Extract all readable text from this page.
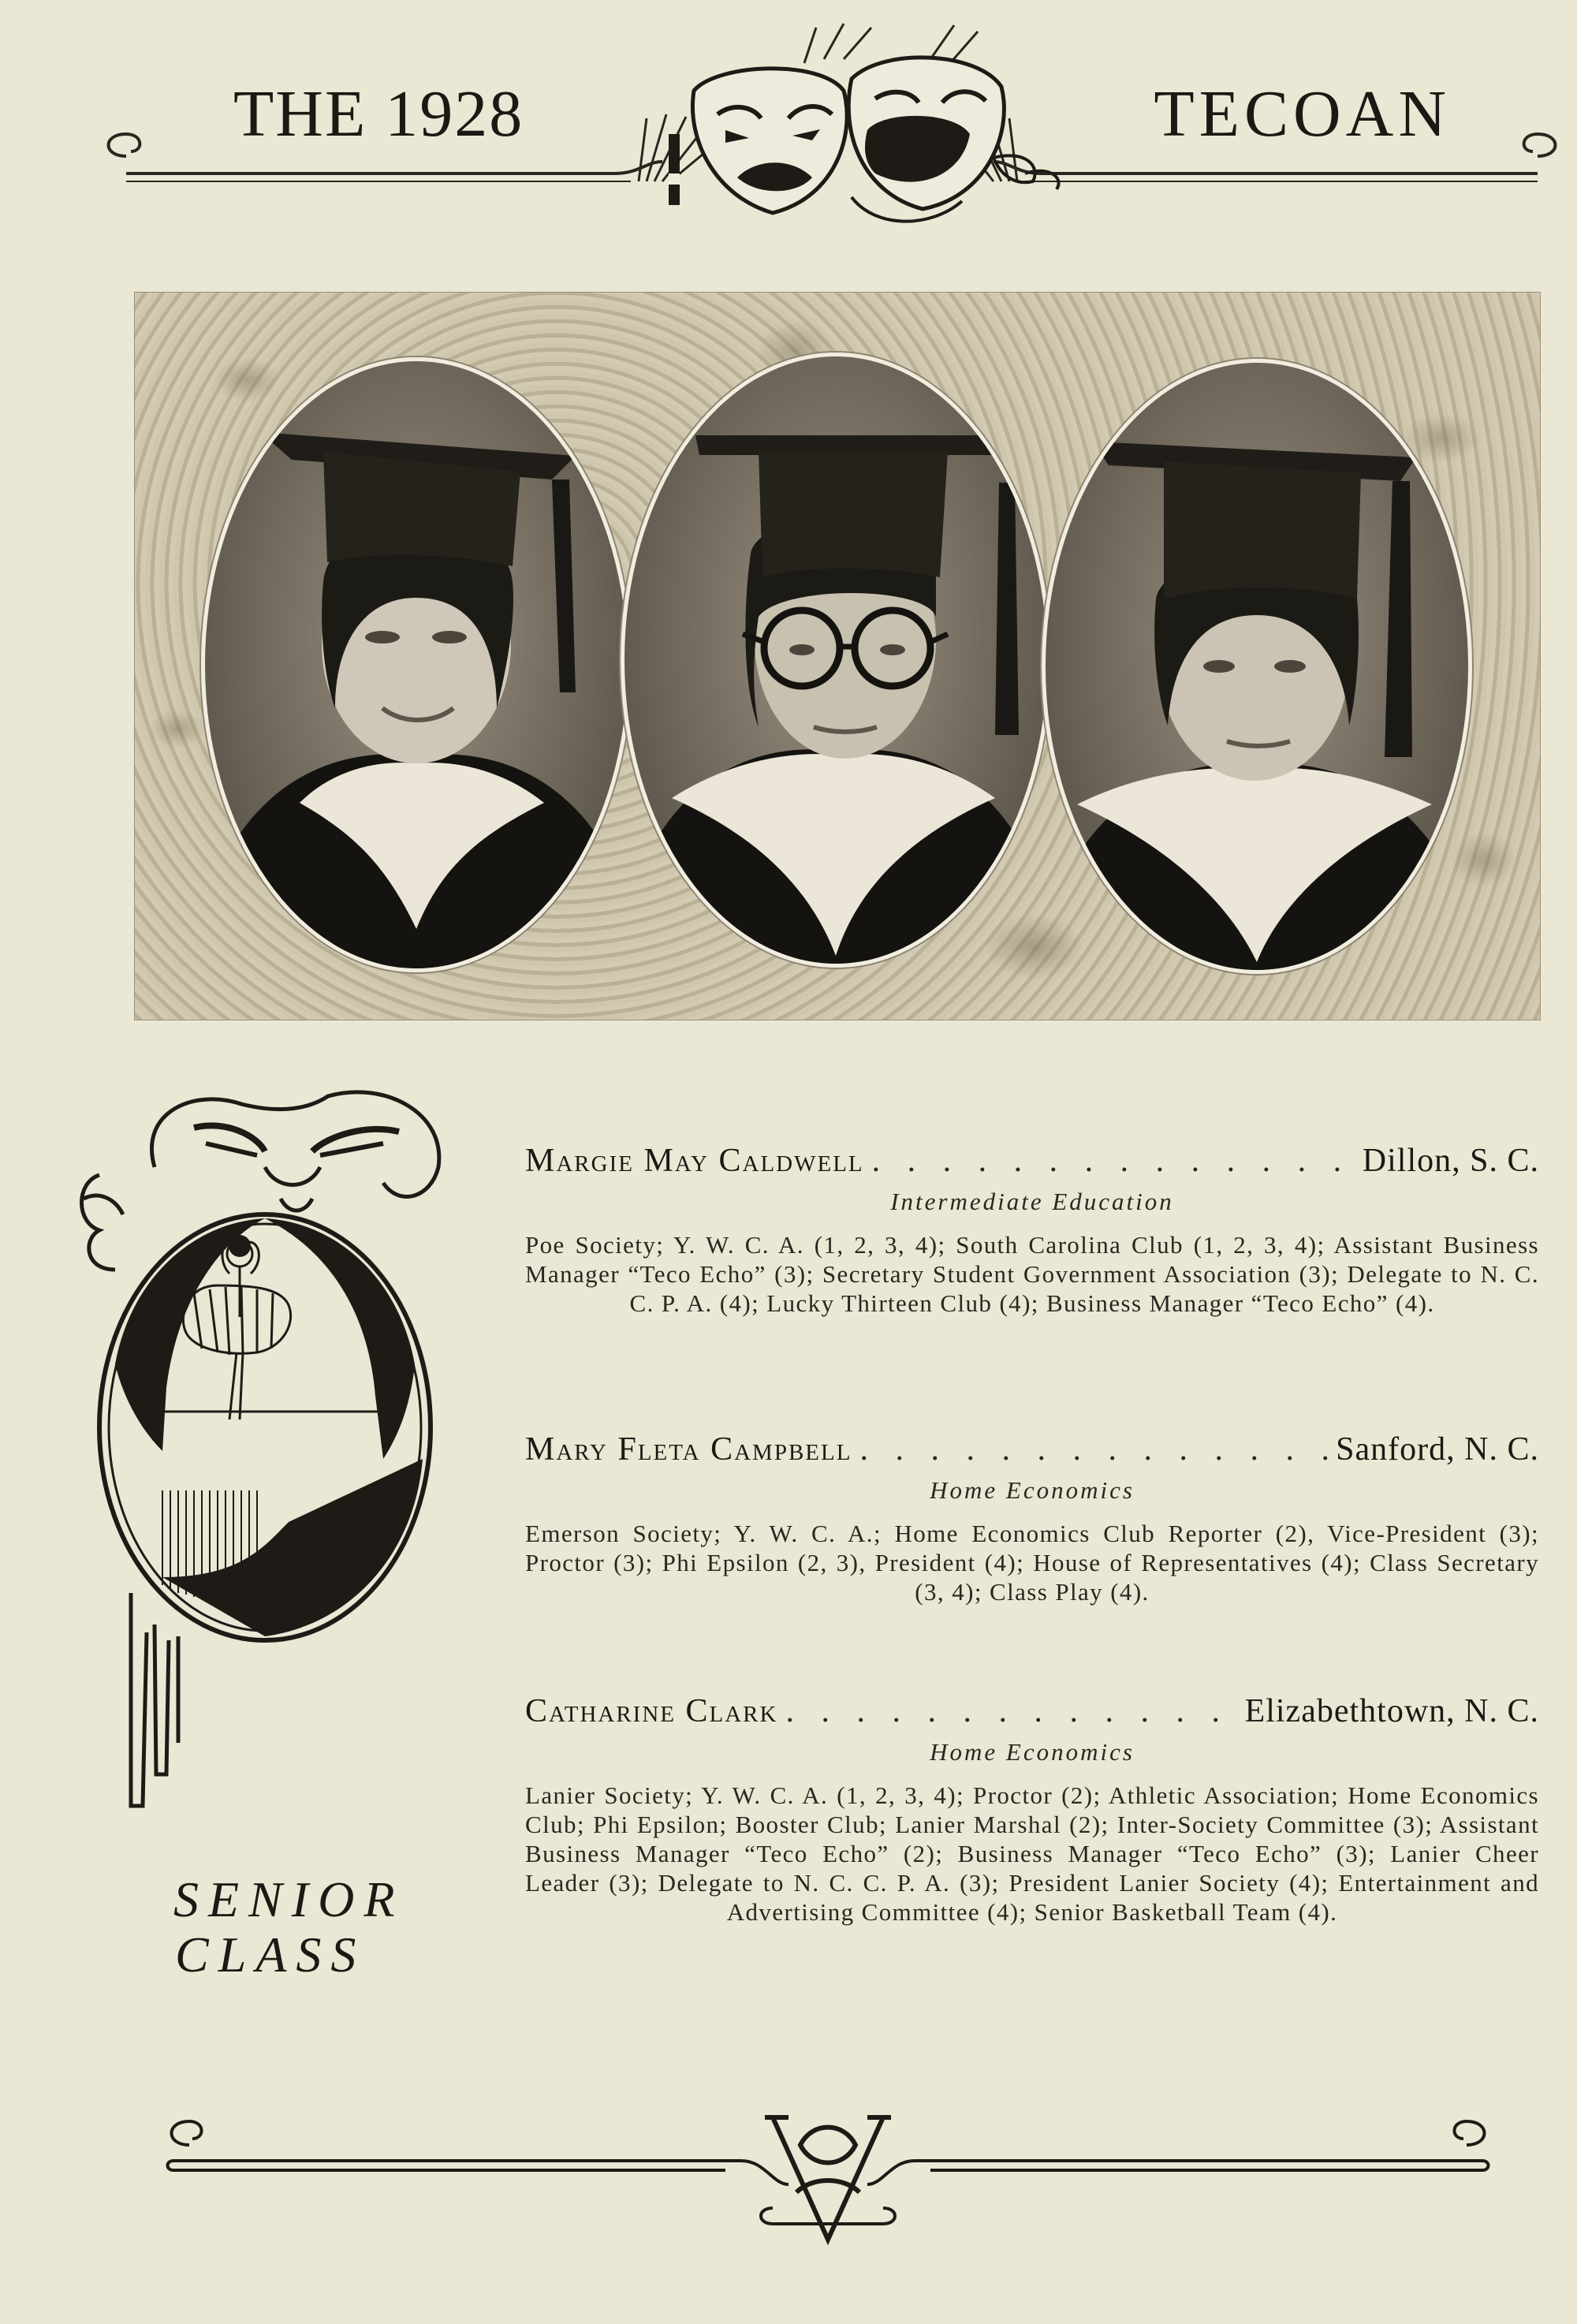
THE 1928	TECOAN
SENIOR
CLASS
Margie May Caldwell . . .	Dillon, S. C.
Intermediate Education
Poe Society; Y. W. C. A. (1, 2, 3, 4); South Carolina Club (1, 2, 3, 4); Assistant Business Manager “Teco Echo” (3); Secretary Student Government Association (3); Delegate to N. C. C. P. A. (4); Lucky Thirteen Club (4); Business Manager “Teco Echo” (4).
Mary Fleta Campbell . . .	Sanford, N. C.
Home Economics
Emerson Society; Y. W. C. A.; Home Economics Club Reporter (2), Vice-President (3); Proctor (3); Phi Epsilon (2, 3), President (4); House of Representatives (4); Class Secretary (3, 4); Class Play (4).
Catharine Clark . . .	Elizabethtown, N. C.
Home Economics
Lanier Society; Y. W. C. A. (1, 2, 3, 4); Proctor (2); Athletic Association; Home Economics Club; Phi Epsilon; Booster Club; Lanier Marshal (2); Inter-Society Committee (3); Assistant Business Manager “Teco Echo” (2); Business Manager “Teco Echo” (3); Lanier Cheer Leader (3); Delegate to N. C. C. P. A. (3); President Lanier Society (4); Entertainment and Advertising Committee (4); Senior Basketball Team (4).
